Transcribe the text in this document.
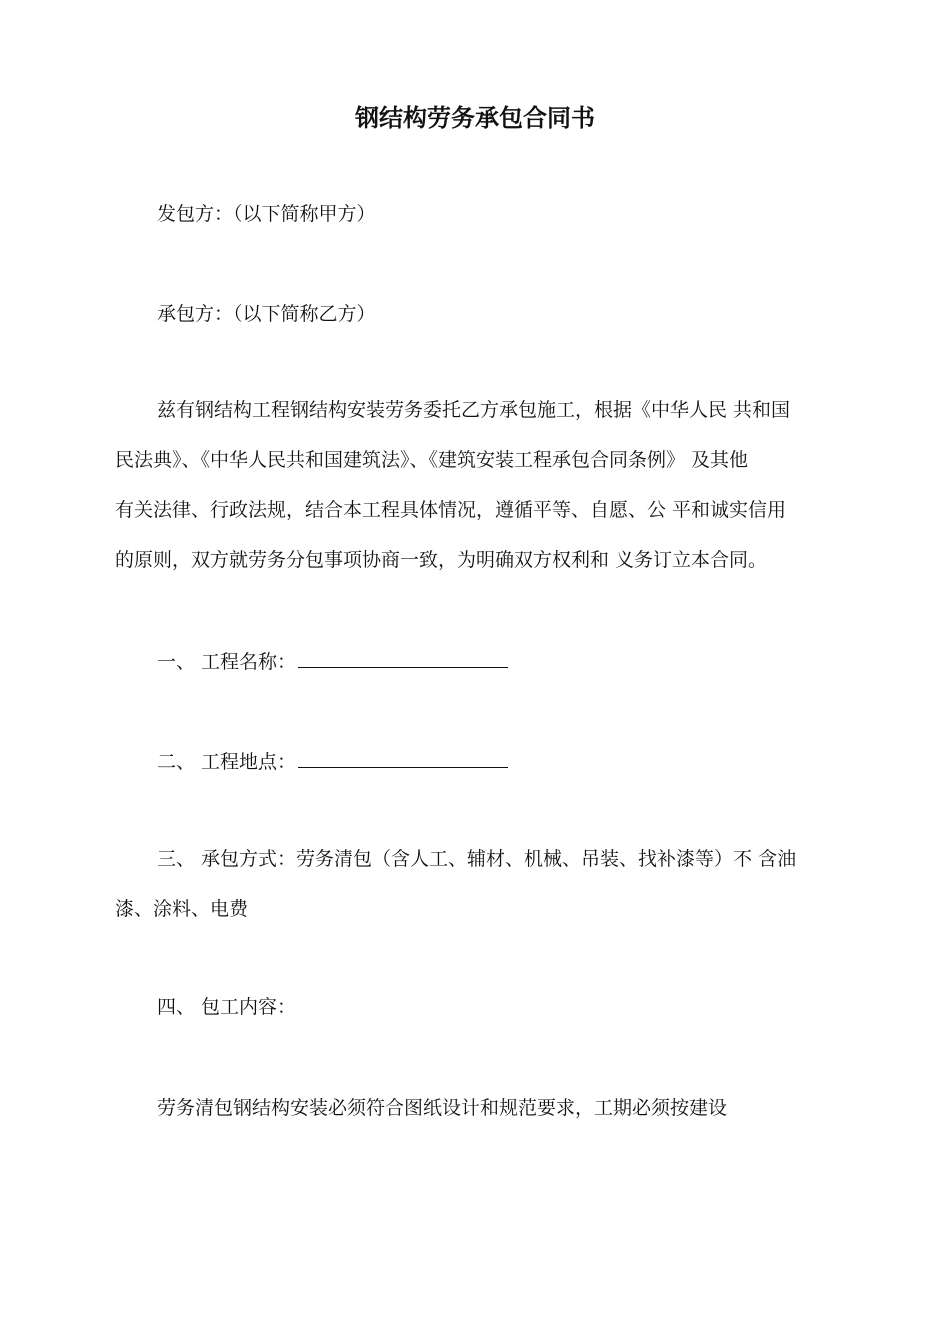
钢结构劳务承包合同书
发包方：（以下简称甲方）
承包方：（以下简称乙方）
兹有钢结构工程钢结构安装劳务委托乙方承包施工，根据《中华人民 共和国
民法典》、《中华人民共和国建筑法》、《建筑安装工程承包合同条例》 及其他
有关法律、行政法规，结合本工程具体情况，遵循平等、自愿、公 平和诚实信用
的原则，双方就劳务分包事项协商一致，为明确双方权利和 义务订立本合同。
一、 工程名称：
二、 工程地点：
三、 承包方式：劳务清包（含人工、辅材、机械、吊装、找补漆等）不 含油
漆、涂料、电费
四、 包工内容：
劳务清包钢结构安装必须符合图纸设计和规范要求，工期必须按建设
